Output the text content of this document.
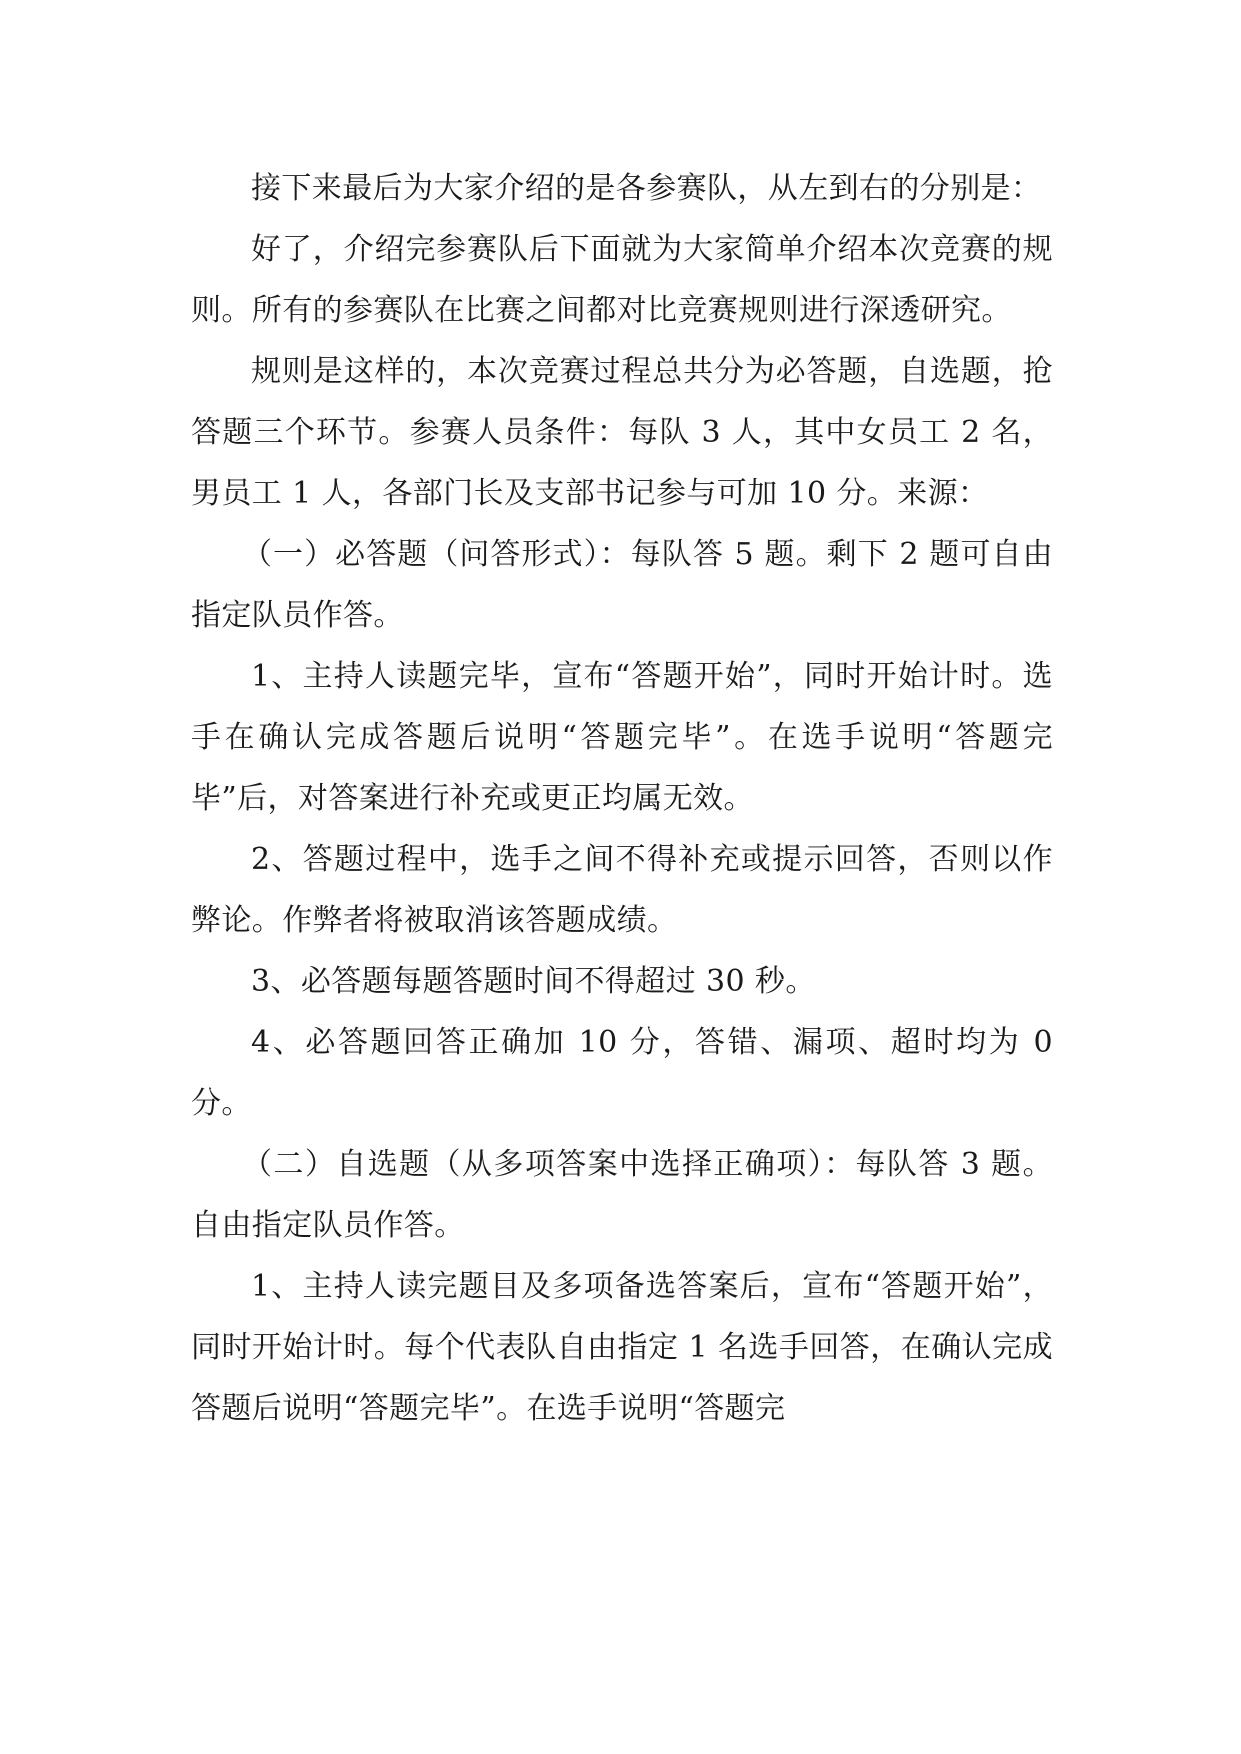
接下来最后为大家介绍的是各参赛队，从左到右的分别是：

好了，介绍完参赛队后下面就为大家简单介绍本次竞赛的规则。所有的参赛队在比赛之间都对比竞赛规则进行深透研究。

规则是这样的，本次竞赛过程总共分为必答题，自选题，抢答题三个环节。参赛人员条件：每队 3 人，其中女员工 2 名，男员工 1 人，各部门长及支部书记参与可加 10 分。来源：

（一）必答题（问答形式）：每队答 5 题。剩下 2 题可自由指定队员作答。

1、主持人读题完毕，宣布“答题开始”，同时开始计时。选手在确认完成答题后说明“答题完毕”。在选手说明“答题完毕”后，对答案进行补充或更正均属无效。

2、答题过程中，选手之间不得补充或提示回答，否则以作弊论。作弊者将被取消该答题成绩。

3、必答题每题答题时间不得超过 30 秒。

4、必答题回答正确加 10 分，答错、漏项、超时均为 0 分。

（二）自选题（从多项答案中选择正确项）：每队答 3 题。自由指定队员作答。

1、主持人读完题目及多项备选答案后，宣布“答题开始”，同时开始计时。每个代表队自由指定 1 名选手回答，在确认完成答题后说明“答题完毕”。在选手说明“答题完
